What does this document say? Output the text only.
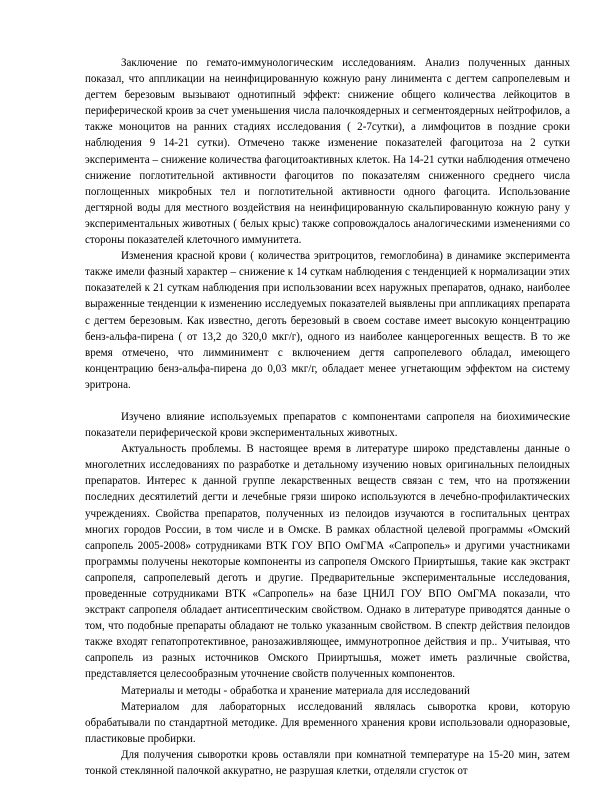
Заключение по гемато-иммунологическим исследованиям. Анализ полученных данных показал, что аппликации на неинфицированную кожную рану линимента с дегтем сапропелевым и дегтем березовым вызывают однотипный эффект: снижение общего количества лейкоцитов в периферической кроив за счет уменьшения числа палочкоядерных и сегментоядерных нейтрофилов, а также моноцитов на ранних стадиях исследования ( 2-7сутки), а лимфоцитов в поздние сроки наблюдения 9 14-21 сутки). Отмечено также изменение показателей фагоцитоза на 2 сутки эксперимента – снижение количества фагоцитоактивных клеток. На 14-21 сутки наблюдения отмечено снижение поглотительной активности фагоцитов по показателям сниженного среднего числа поглощенных микробных тел и поглотительной активности одного фагоцита. Использование дегтярной воды для местного воздействия на неинфицированную скальпированную кожную рану у экспериментальных животных ( белых крыс) также сопровождалось аналогическими изменениями со стороны показателей клеточного иммунитета.

Изменения красной крови ( количества эритроцитов, гемоглобина) в динамике эксперимента также имели фазный характер – снижение к 14 суткам наблюдения с тенденцией к нормализации этих показателей к 21 суткам наблюдения при использовании всех наружных препаратов, однако, наиболее выраженные тенденции к изменению исследуемых показателей выявлены при аппликациях препарата с дегтем березовым. Как известно, деготь березовый в своем составе имеет высокую концентрацию бенз-альфа-пирена ( от 13,2 до 320,0 мкг/г), одного из наиболее канцерогенных веществ. В то же время отмечено, что лимминимент с включением дегтя сапропелевого обладал, имеющего концентрацию бенз-альфа-пирена до 0,03 мкг/г, обладает менее угнетающим эффектом на систему эритрона.

Изучено влияние используемых препаратов с компонентами сапропеля на биохимические показатели периферической крови экспериментальных животных.

Актуальность проблемы. В настоящее время в литературе широко представлены данные о многолетних исследованиях по разработке и детальному изучению новых оригинальных пелоидных препаратов. Интерес к данной группе лекарственных веществ связан с тем, что на протяжении последних десятилетий дегти и лечебные грязи широко используются в лечебно-профилактических учреждениях. Свойства препаратов, полученных из пелоидов изучаются в госпитальных центрах многих городов России, в том числе и в Омске. В рамках областной целевой программы «Омский сапропель 2005-2008» сотрудниками ВТК ГОУ ВПО ОмГМА «Сапропель» и другими участниками программы получены некоторые компоненты из сапропеля Омского Прииртышья, такие как экстракт сапропеля, сапропелевый деготь и другие. Предварительные экспериментальные исследования, проведенные сотрудниками ВТК «Сапропель» на базе ЦНИЛ ГОУ ВПО ОмГМА показали, что экстракт сапропеля обладает антисептическим свойством. Однако в литературе приводятся данные о том, что подобные препараты обладают не только указанным свойством. В спектр действия пелоидов также входят гепатопротективное, ранозаживляющее, иммунотропное действия и пр.. Учитывая, что сапропель из разных источников Омского Прииртышья, может иметь различные свойства, представляется целесообразным уточнение свойств полученных компонентов.

Материалы и методы - обработка и хранение материала для исследований

Материалом для лабораторных исследований являлась сыворотка крови, которую обрабатывали по стандартной методике. Для временного хранения крови использовали одноразовые, пластиковые пробирки.

Для получения сыворотки кровь оставляли при комнатной температуре на 15-20 мин, затем тонкой стеклянной палочкой аккуратно, не разрушая клетки, отделяли сгусток от
